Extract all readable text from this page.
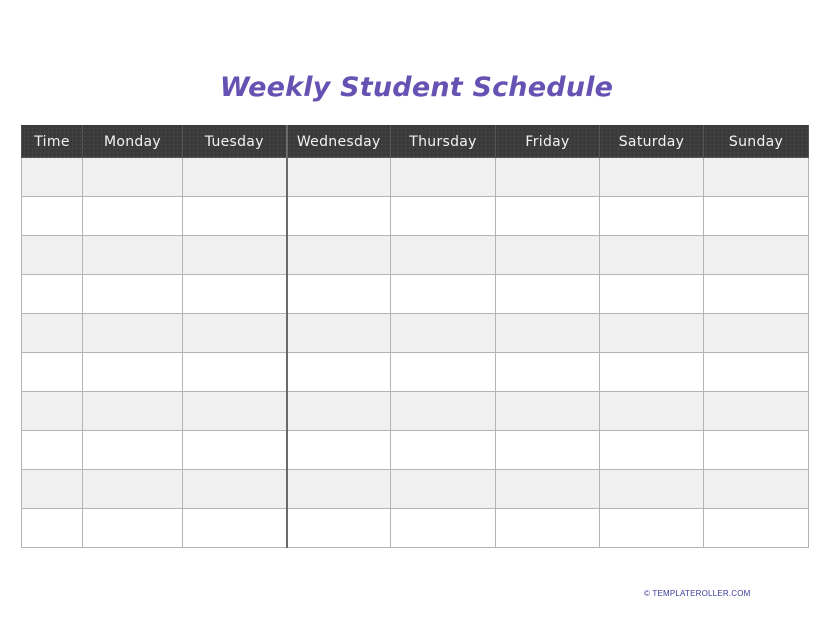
Weekly Student Schedule
Time	Monday	Tuesday	Wednesday	Thursday	Friday	Saturday	Sunday

© TEMPLATEROLLER.COM
